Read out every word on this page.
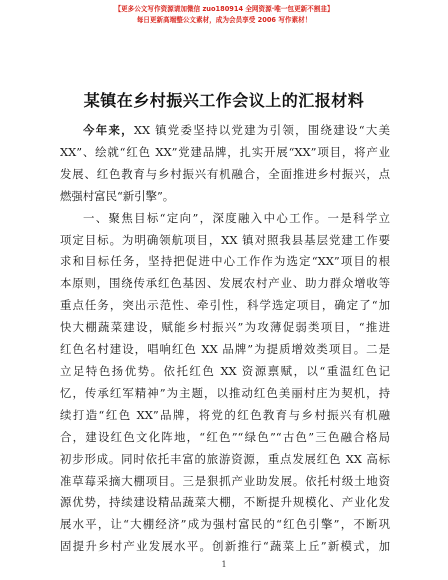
【更多公文写作资源请加微信 zuo180914 全网资源·唯一包更新不割韭】
每日更新高端整公文素材，成为会员享受 2006 写作素材！
某镇在乡村振兴工作会议上的汇报材料
今年来，XX 镇党委坚持以党建为引领，围绕建设“大美
XX”、绘就“红色 XX”党建品牌，扎实开展“XX”项目，将产业
发展、红色教育与乡村振兴有机融合，全面推进乡村振兴，点
燃强村富民“新引擎”。
一、聚焦目标“定向”，深度融入中心工作。一是科学立
项定目标。为明确领航项目，XX 镇对照我县基层党建工作要
求和目标任务，坚持把促进中心工作作为选定“XX”项目的根
本原则，围绕传承红色基因、发展农村产业、助力群众增收等
重点任务，突出示范性、牵引性，科学选定项目，确定了“加
快大棚蔬菜建设，赋能乡村振兴”为攻薄促弱类项目，“推进
红色名村建设，唱响红色 XX 品牌”为提质增效类项目。二是
立足特色扬优势。依托红色 XX 资源禀赋，以“重温红色记
忆，传承红军精神”为主题，以推动红色美丽村庄为契机，持
续打造“红色 XX”品牌，将党的红色教育与乡村振兴有机融
合，建设红色文化阵地，“红色”“绿色”“古色”三色融合格局
初步形成。同时依托丰富的旅游资源，重点发展红色 XX 高标
准草莓采摘大棚项目。三是狠抓产业助发展。依托村级土地资
源优势，持续建设精品蔬菜大棚，不断提升规模化、产业化发
展水平，让“大棚经济”成为强村富民的“红色引擎”，不断巩
固提升乡村产业发展水平。创新推行“蔬菜上丘”新模式，加
1
